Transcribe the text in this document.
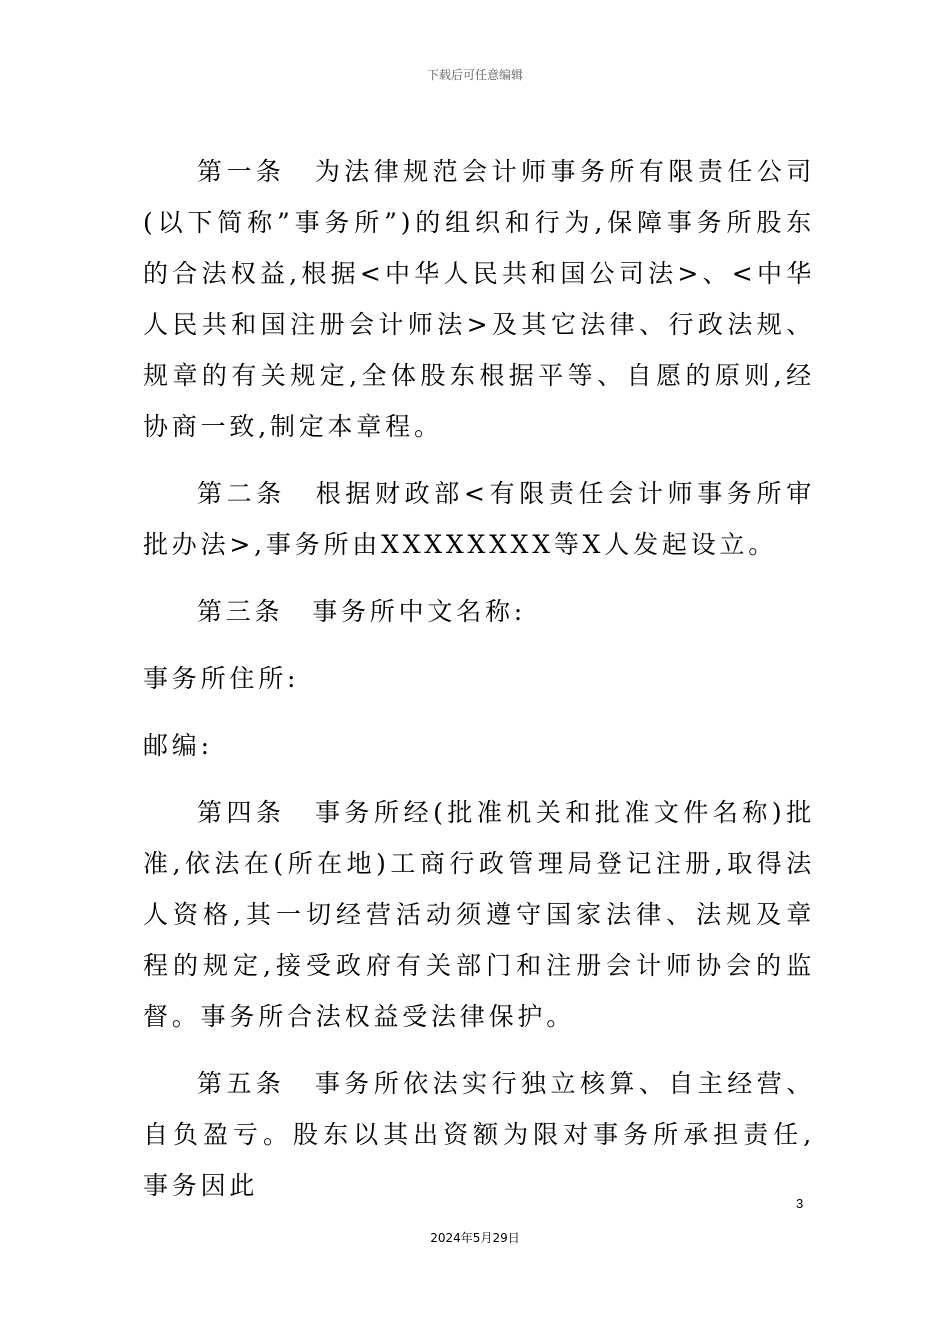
下载后可任意编辑

第一条　为法律规范会计师事务所有限责任公司(以下简称”事务所”)的组织和行为,保障事务所股东的合法权益,根据<中华人民共和国公司法>、<中华人民共和国注册会计师法>及其它法律、行政法规、规章的有关规定,全体股东根据平等、自愿的原则,经协商一致,制定本章程。

第二条　根据财政部<有限责任会计师事务所审批办法>,事务所由XXXXXXXX等X人发起设立。

第三条　事务所中文名称:

事务所住所:

邮编:

第四条　事务所经(批准机关和批准文件名称)批准,依法在(所在地)工商行政管理局登记注册,取得法人资格,其一切经营活动须遵守国家法律、法规及章程的规定,接受政府有关部门和注册会计师协会的监督。事务所合法权益受法律保护。

第五条　事务所依法实行独立核算、自主经营、自负盈亏。股东以其出资额为限对事务所承担责任,事务因此

3
2024年5月29日
